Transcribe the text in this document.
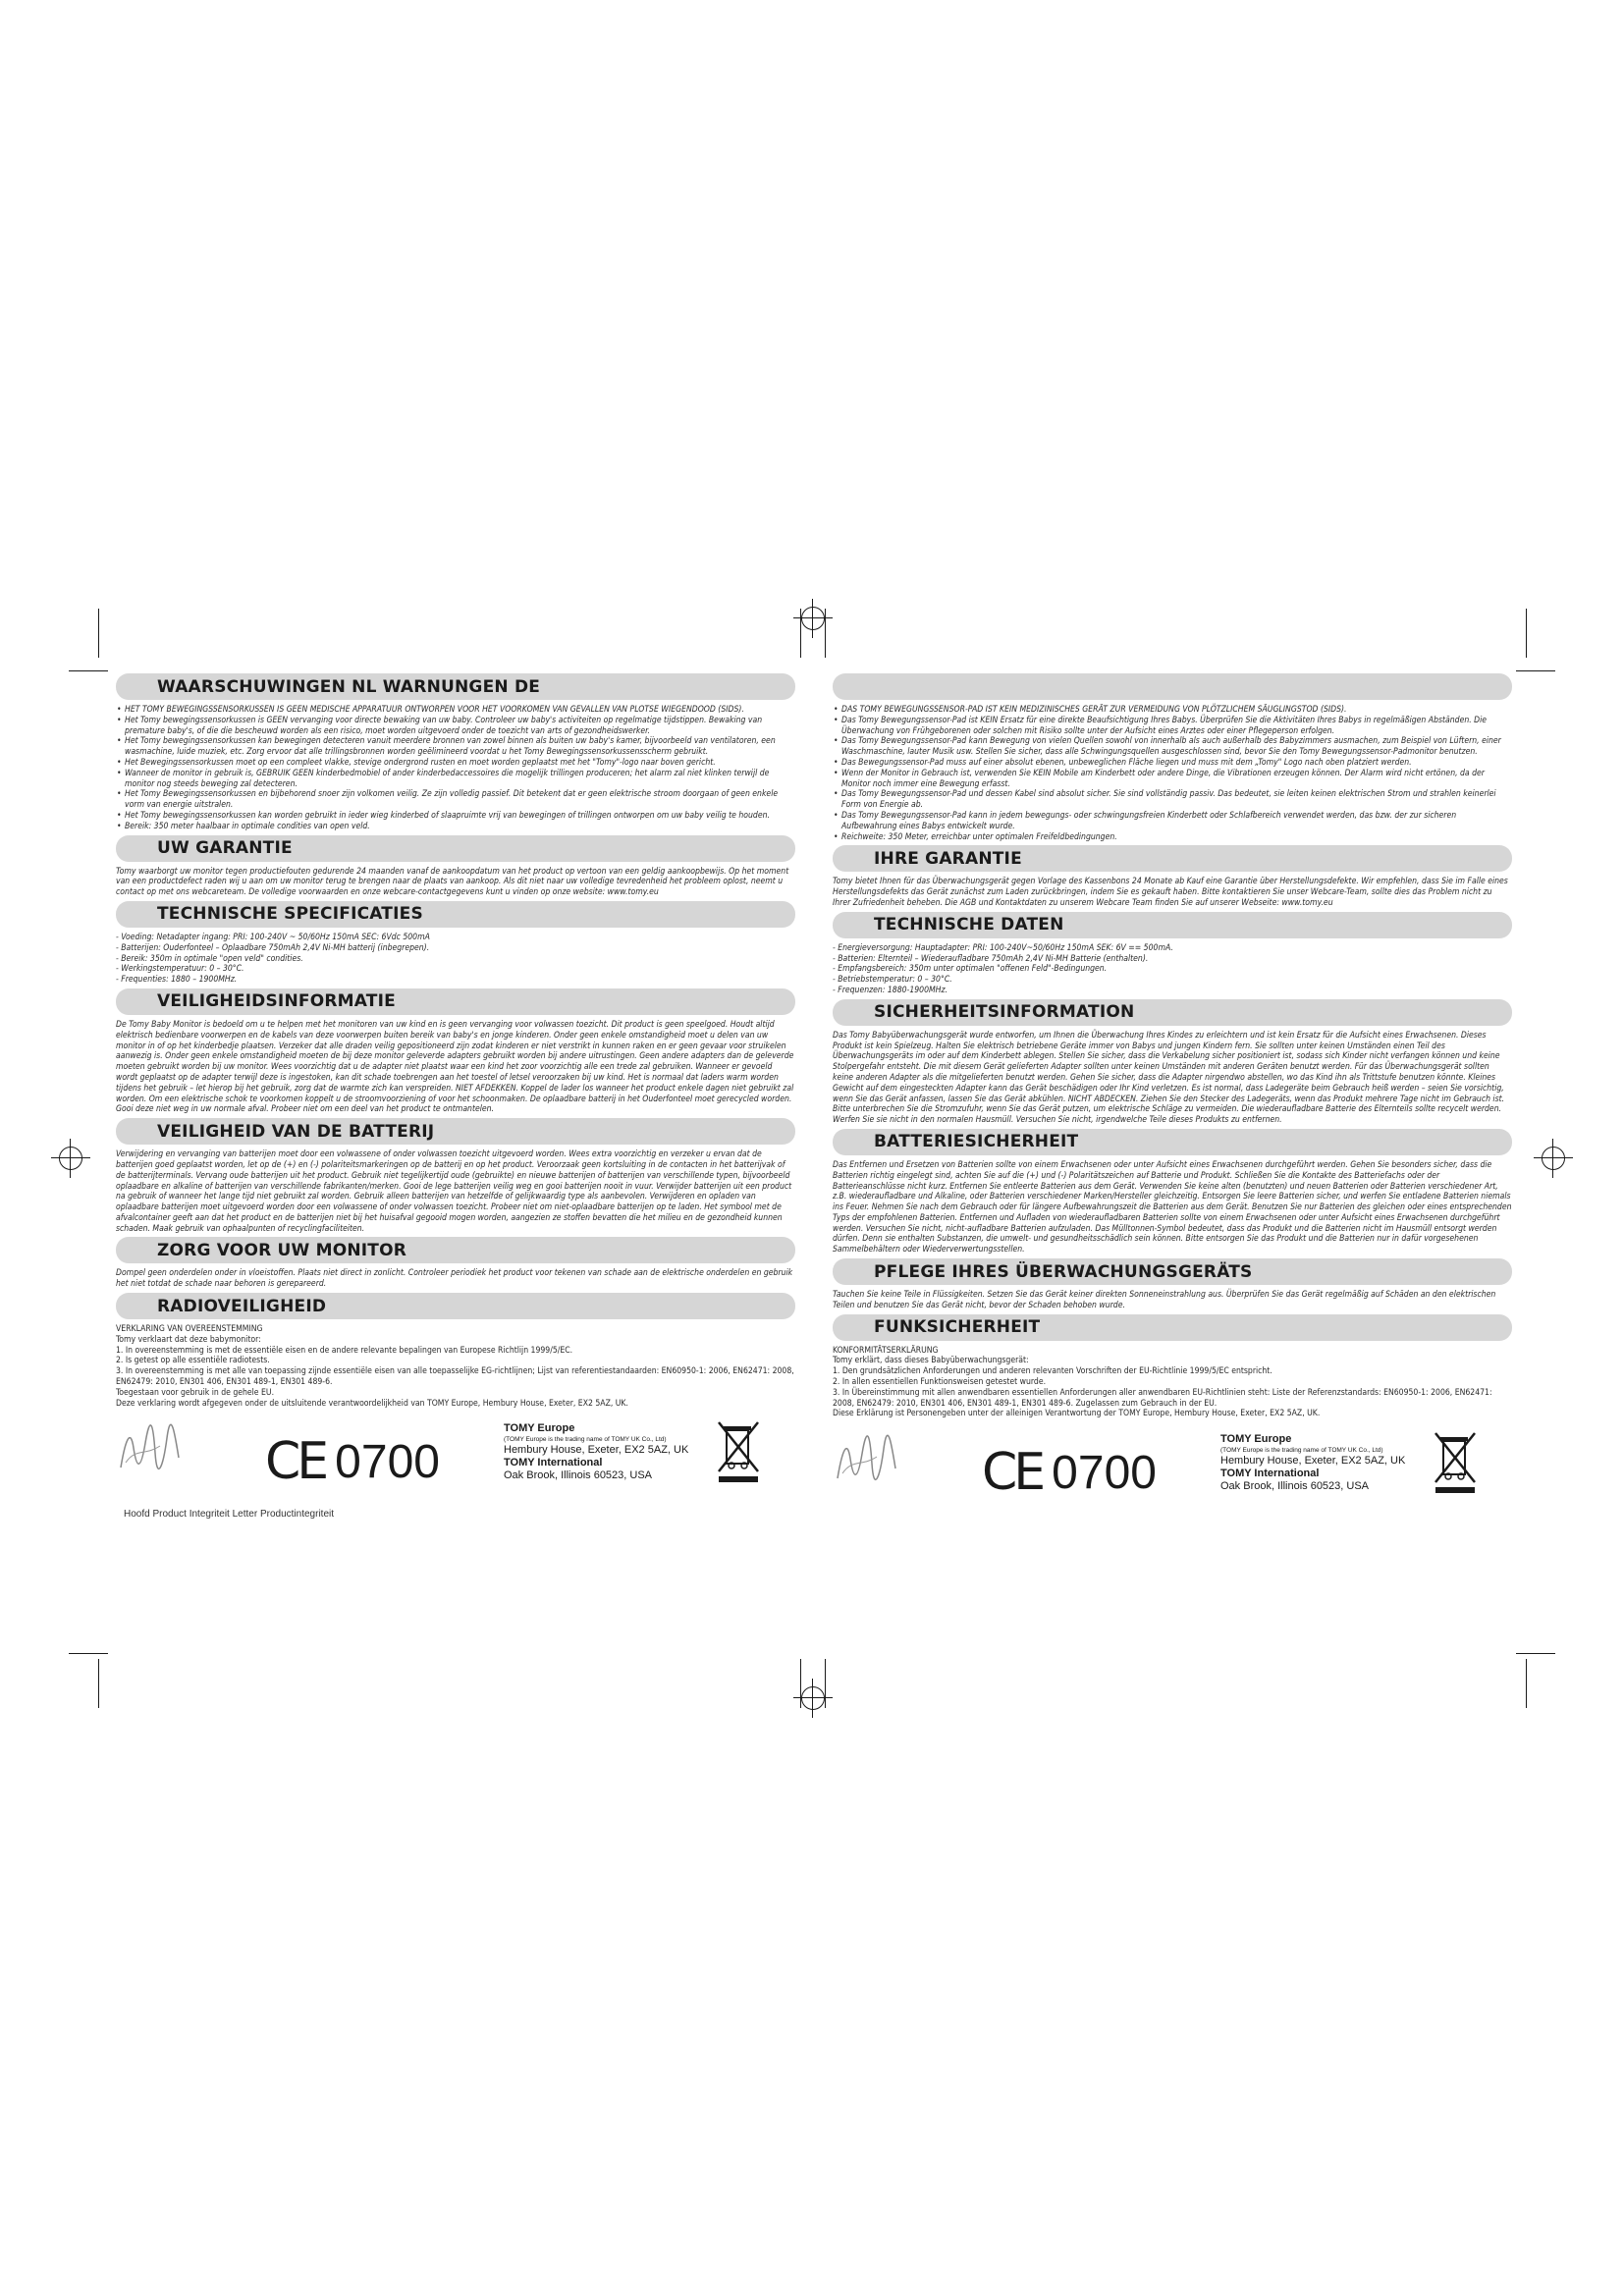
WAARSCHUWINGEN NL WARNUNGEN DE
• HET TOMY BEWEGINGSSENSORKUSSEN IS GEEN MEDISCHE APPARATUUR ONTWORPEN VOOR HET VOORKOMEN VAN GEVALLEN VAN PLOTSE WIEGENDOOD (SIDS).
• Het Tomy bewegingssensorkussen is GEEN vervanging voor directe bewaking van uw baby. Controleer uw baby's activiteiten op regelmatige tijdstippen. Bewaking van premature baby's, of die die bescheuwd worden als een risico, moet worden uitgevoerd onder de toezicht van arts of gezondheidswerker.
• Het Tomy bewegingssensorkussen kan bewegingen detecteren vanuit meerdere bronnen van zowel binnen als buiten uw baby's kamer, bijvoorbeeld van ventilatoren, een wasmachine, luide muziek, etc. Zorg ervoor dat alle trillingsbronnen worden geëlimineerd voordat u het Tomy Bewegingssensorkussensscherm gebruikt.
• Het Bewegingssensorkussen moet op een compleet vlakke, stevige ondergrond rusten en moet worden geplaatst met het "Tomy"-logo naar boven gericht.
• Wanneer de monitor in gebruik is, GEBRUIK GEEN kinderbedmobiel of ander kinderbedaccessoires die mogelijk trillingen produceren; het alarm zal niet klinken terwijl de monitor nog steeds beweging zal detecteren.
• Het Tomy Bewegingssensorkussen en bijbehorend snoer zijn volkomen veilig. Ze zijn volledig passief. Dit betekent dat er geen elektrische stroom doorgaan of geen enkele vorm van energie uitstralen.
• Het Tomy bewegingssensorkussen kan worden gebruikt in ieder wieg kinderbed of slaapruimte vrij van bewegingen of trillingen ontworpen om uw baby veilig te houden.
• Bereik: 350 meter haalbaar in optimale condities van open veld.
UW GARANTIE

Tomy waarborgt uw monitor tegen productiefouten gedurende 24 maanden vanaf de aankoopdatum van het product op vertoon van een geldig aankoopbewijs. Op het moment van een productdefect raden wij u aan om uw monitor terug te brengen naar de plaats van aankoop. Als dit niet naar uw volledige tevredenheid het probleem oplost, neemt u contact op met ons webcareteam. De volledige voorwaarden en onze webcare-contactgegevens kunt u vinden op onze website: www.tomy.eu

TECHNISCHE SPECIFICATIES

- Voeding: Netadapter ingang: PRI: 100-240V ~ 50/60Hz 150mA SEC: 6Vdc 500mA

- Batterijen: Ouderfonteel – Oplaadbare 750mAh 2,4V Ni-MH batterij (inbegrepen).

- Bereik: 350m in optimale "open veld" condities.

- Werkingstemperatuur: 0 – 30°C.

- Frequenties: 1880 – 1900MHz.

VEILIGHEIDSINFORMATIE

De Tomy Baby Monitor is bedoeld om u te helpen met het monitoren van uw kind en is geen vervanging voor volwassen toezicht. Dit product is geen speelgoed. Houdt altijd elektrisch bedienbare voorwerpen en de kabels van deze voorwerpen buiten bereik van baby's en jonge kinderen. Onder geen enkele omstandigheid moet u delen van uw monitor in of op het kinderbedje plaatsen. Verzeker dat alle draden veilig gepositioneerd zijn zodat kinderen er niet verstrikt in kunnen raken en er geen gevaar voor struikelen aanwezig is. Onder geen enkele omstandigheid moeten de bij deze monitor geleverde adapters gebruikt worden bij andere uitrustingen. Geen andere adapters dan de geleverde moeten gebruikt worden bij uw monitor. Wees voorzichtig dat u de adapter niet plaatst waar een kind het zoor voorzichtig alle een trede zal gebruiken. Wanneer er gevoeld wordt geplaatst op de adapter terwijl deze is ingestoken, kan dit schade toebrengen aan het toestel of letsel veroorzaken bij uw kind. Het is normaal dat laders warm worden tijdens het gebruik – let hierop bij het gebruik, zorg dat de warmte zich kan verspreiden. NIET AFDEKKEN. Koppel de lader los wanneer het product enkele dagen niet gebruikt zal worden. Om een elektrische schok te voorkomen koppelt u de stroomvoorziening of voor het schoonmaken. De oplaadbare batterij in het Ouderfonteel moet gerecycled worden. Gooi deze niet weg in uw normale afval. Probeer niet om een deel van het product te ontmantelen.

VEILIGHEID VAN DE BATTERIJ

Verwijdering en vervanging van batterijen moet door een volwassene of onder volwassen toezicht uitgevoerd worden. Wees extra voorzichtig en verzeker u ervan dat de batterijen goed geplaatst worden, let op de (+) en (-) polariteitsmarkeringen op de batterij en op het product. Veroorzaak geen kortsluiting in de contacten in het batterijvak of de batterijterminals. Vervang oude batterijen uit het product. Gebruik niet tegelijkertijd oude (gebruikte) en nieuwe batterijen of batterijen van verschillende typen, bijvoorbeeld oplaadbare en alkaline of batterijen van verschillende fabrikanten/merken. Gooi de lege batterijen veilig weg en gooi batterijen nooit in vuur. Verwijder batterijen uit een product na gebruik of wanneer het lange tijd niet gebruikt zal worden. Gebruik alleen batterijen van hetzelfde of gelijkwaardig type als aanbevolen. Verwijderen en opladen van oplaadbare batterijen moet uitgevoerd worden door een volwassene of onder volwassen toezicht. Probeer niet om niet-oplaadbare batterijen op te laden. Het symbool met de afvalcontainer geeft aan dat het product en de batterijen niet bij het huisafval gegooid mogen worden, aangezien ze stoffen bevatten die het milieu en de gezondheid kunnen schaden. Maak gebruik van ophaalpunten of recyclingfaciliteiten.

ZORG VOOR UW MONITOR

Dompel geen onderdelen onder in vloeistoffen. Plaats niet direct in zonlicht. Controleer periodiek het product voor tekenen van schade aan de elektrische onderdelen en gebruik het niet totdat de schade naar behoren is gerepareerd.

RADIOVEILIGHEID

VERKLARING VAN OVEREENSTEMMING

Tomy verklaart dat deze babymonitor:

1. In overeenstemming is met de essentiële eisen en de andere relevante bepalingen van Europese Richtlijn 1999/5/EC.

2. Is getest op alle essentiële radiotests.

3. In overeenstemming is met alle van toepassing zijnde essentiële eisen van alle toepasselijke EG-richtlijnen; Lijst van referentiestandaarden: EN60950-1: 2006, EN62471: 2008, EN62479: 2010, EN301 406, EN301 489-1, EN301 489-6.

Toegestaan voor gebruik in de gehele EU.

Deze verklaring wordt afgegeven onder de uitsluitende verantwoordelijkheid van TOMY Europe, Hembury House, Exeter, EX2 5AZ, UK.

CE 0700
TOMY Europe
(TOMY Europe is the trading name of TOMY UK Co., Ltd)
Hembury House, Exeter, EX2 5AZ, UK
TOMY International
Oak Brook, Illinois 60523, USA
Hoofd Product Integriteit Letter Productintegriteit
• DAS TOMY BEWEGUNGSSENSOR-PAD IST KEIN MEDIZINISCHES GERÄT ZUR VERMEIDUNG VON PLÖTZLICHEM SÄUGLINGSTOD (SIDS).
• Das Tomy Bewegungssensor-Pad ist KEIN Ersatz für eine direkte Beaufsichtigung Ihres Babys. Überprüfen Sie die Aktivitäten Ihres Babys in regelmäßigen Abständen. Die Überwachung von Frühgeborenen oder solchen mit Risiko sollte unter der Aufsicht eines Arztes oder einer Pflegeperson erfolgen.
• Das Tomy Bewegungssensor-Pad kann Bewegung von vielen Quellen sowohl von innerhalb als auch außerhalb des Babyzimmers ausmachen, zum Beispiel von Lüftern, einer Waschmaschine, lauter Musik usw. Stellen Sie sicher, dass alle Schwingungsquellen ausgeschlossen sind, bevor Sie den Tomy Bewegungssensor-Padmonitor benutzen.
• Das Bewegungssensor-Pad muss auf einer absolut ebenen, unbeweglichen Fläche liegen und muss mit dem „Tomy" Logo nach oben platziert werden.
• Wenn der Monitor in Gebrauch ist, verwenden Sie KEIN Mobile am Kinderbett oder andere Dinge, die Vibrationen erzeugen können. Der Alarm wird nicht ertönen, da der Monitor noch immer eine Bewegung erfasst.
• Das Tomy Bewegungssensor-Pad und dessen Kabel sind absolut sicher. Sie sind vollständig passiv. Das bedeutet, sie leiten keinen elektrischen Strom und strahlen keinerlei Form von Energie ab.
• Das Tomy Bewegungssensor-Pad kann in jedem bewegungs- oder schwingungsfreien Kinderbett oder Schlafbereich verwendet werden, das bzw. der zur sicheren Aufbewahrung eines Babys entwickelt wurde.
• Reichweite: 350 Meter, erreichbar unter optimalen Freifeldbedingungen.
IHRE GARANTIE

Tomy bietet Ihnen für das Überwachungsgerät gegen Vorlage des Kassenbons 24 Monate ab Kauf eine Garantie über Herstellungsdefekte. Wir empfehlen, dass Sie im Falle eines Herstellungsdefekts das Gerät zunächst zum Laden zurückbringen, indem Sie es gekauft haben. Bitte kontaktieren Sie unser Webcare-Team, sollte dies das Problem nicht zu Ihrer Zufriedenheit beheben. Die AGB und Kontaktdaten zu unserem Webcare Team finden Sie auf unserer Webseite: www.tomy.eu

TECHNISCHE DATEN

- Energieversorgung: Hauptadapter: PRI: 100-240V~50/60Hz 150mA SEK: 6V == 500mA.

- Batterien: Elternteil – Wiederaufladbare 750mAh 2,4V Ni-MH Batterie (enthalten).

- Empfangsbereich: 350m unter optimalen "offenen Feld"-Bedingungen.

- Betriebstemperatur: 0 – 30°C.

- Frequenzen: 1880-1900MHz.

SICHERHEITSINFORMATION

Das Tomy Babyüberwachungsgerät wurde entworfen, um Ihnen die Überwachung Ihres Kindes zu erleichtern und ist kein Ersatz für die Aufsicht eines Erwachsenen. Dieses Produkt ist kein Spielzeug. Halten Sie elektrisch betriebene Geräte immer von Babys und jungen Kindern fern. Sie sollten unter keinen Umständen einen Teil des Überwachungsgeräts im oder auf dem Kinderbett ablegen. Stellen Sie sicher, dass die Verkabelung sicher positioniert ist, sodass sich Kinder nicht verfangen können und keine Stolpergefahr entsteht. Die mit diesem Gerät gelieferten Adapter sollten unter keinen Umständen mit anderen Geräten benutzt werden. Für das Überwachungsgerät sollten keine anderen Adapter als die mitgelieferten benutzt werden. Gehen Sie sicher, dass die Adapter nirgendwo abstellen, wo das Kind ihn als Trittstufe benutzen könnte. Kleines Gewicht auf dem eingesteckten Adapter kann das Gerät beschädigen oder Ihr Kind verletzen. Es ist normal, dass Ladegeräte beim Gebrauch heiß werden – seien Sie vorsichtig, wenn Sie das Gerät anfassen, lassen Sie das Gerät abkühlen. NICHT ABDECKEN. Ziehen Sie den Stecker des Ladegeräts, wenn das Produkt mehrere Tage nicht im Gebrauch ist. Bitte unterbrechen Sie die Stromzufuhr, wenn Sie das Gerät putzen, um elektrische Schläge zu vermeiden. Die wiederaufladbare Batterie des Elternteils sollte recycelt werden. Werfen Sie sie nicht in den normalen Hausmüll. Versuchen Sie nicht, irgendwelche Teile dieses Produkts zu entfernen.

BATTERIESICHERHEIT

Das Entfernen und Ersetzen von Batterien sollte von einem Erwachsenen oder unter Aufsicht eines Erwachsenen durchgeführt werden. Gehen Sie besonders sicher, dass die Batterien richtig eingelegt sind, achten Sie auf die (+) und (-) Polaritätszeichen auf Batterie und Produkt. Schließen Sie die Kontakte des Batteriefachs oder der Batterieanschlüsse nicht kurz. Entfernen Sie entleerte Batterien aus dem Gerät. Verwenden Sie keine alten (benutzten) und neuen Batterien oder Batterien verschiedener Art, z.B. wiederaufladbare und Alkaline, oder Batterien verschiedener Marken/Hersteller gleichzeitig. Entsorgen Sie leere Batterien sicher, und werfen Sie entladene Batterien niemals ins Feuer. Nehmen Sie nach dem Gebrauch oder für längere Aufbewahrungszeit die Batterien aus dem Gerät. Benutzen Sie nur Batterien des gleichen oder eines entsprechenden Typs der empfohlenen Batterien. Entfernen und Aufladen von wiederaufladbaren Batterien sollte von einem Erwachsenen oder unter Aufsicht eines Erwachsenen durchgeführt werden. Versuchen Sie nicht, nicht-aufladbare Batterien aufzuladen. Das Mülltonnen-Symbol bedeutet, dass das Produkt und die Batterien nicht im Hausmüll entsorgt werden dürfen. Denn sie enthalten Substanzen, die umwelt- und gesundheitsschädlich sein können. Bitte entsorgen Sie das Produkt und die Batterien nur in dafür vorgesehenen Sammelbehältern oder Wiederverwertungsstellen.

PFLEGE IHRES ÜBERWACHUNGSGERÄTS

Tauchen Sie keine Teile in Flüssigkeiten. Setzen Sie das Gerät keiner direkten Sonneneinstrahlung aus. Überprüfen Sie das Gerät regelmäßig auf Schäden an den elektrischen Teilen und benutzen Sie das Gerät nicht, bevor der Schaden behoben wurde.

FUNKSICHERHEIT

KONFORMITÄTSERKLÄRUNG

Tomy erklärt, dass dieses Babyüberwachungsgerät:

1. Den grundsätzlichen Anforderungen und anderen relevanten Vorschriften der EU-Richtlinie 1999/5/EC entspricht.

2. In allen essentiellen Funktionsweisen getestet wurde.

3. In Übereinstimmung mit allen anwendbaren essentiellen Anforderungen aller anwendbaren EU-Richtlinien steht: Liste der Referenzstandards: EN60950-1: 2006, EN62471: 2008, EN62479: 2010, EN301 406, EN301 489-1, EN301 489-6. Zugelassen zum Gebrauch in der EU.

Diese Erklärung ist Personengeben unter der alleinigen Verantwortung der TOMY Europe, Hembury House, Exeter, EX2 5AZ, UK.

CE 0700
TOMY Europe
(TOMY Europe is the trading name of TOMY UK Co., Ltd)
Hembury House, Exeter, EX2 5AZ, UK
TOMY International
Oak Brook, Illinois 60523, USA
